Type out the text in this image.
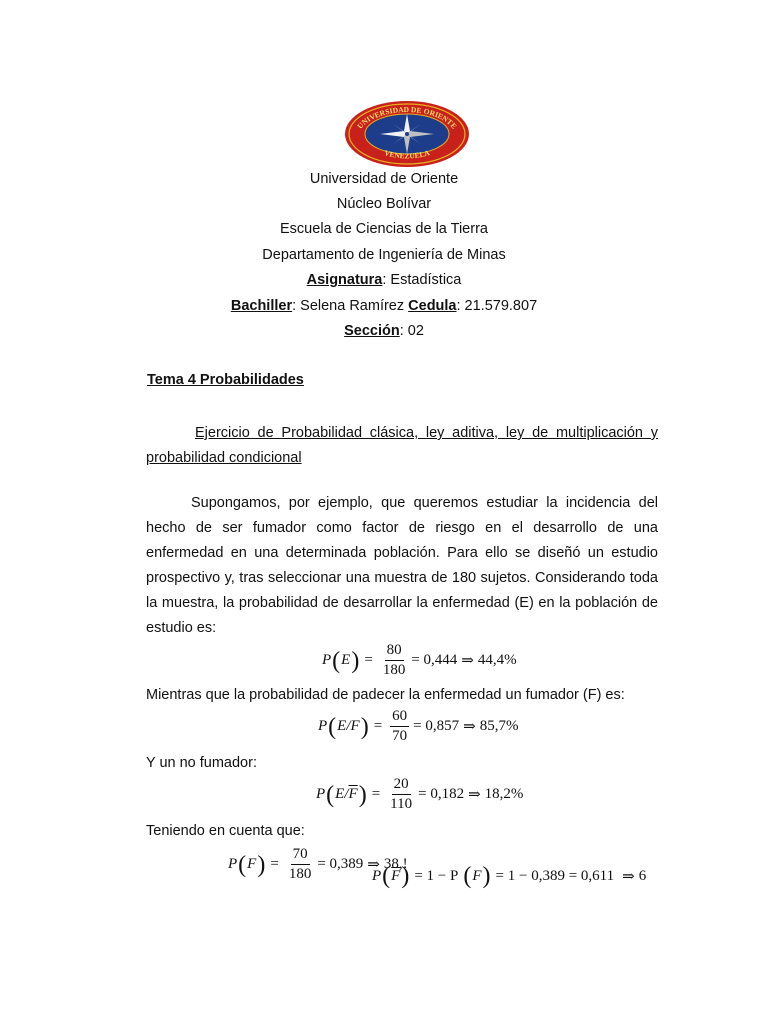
UNIVERSIDAD DE ORIENTE
VENEZUELA
Universidad de Oriente
Núcleo Bolívar
Escuela de Ciencias de la Tierra
Departamento de Ingeniería de Minas
Asignatura: Estadística
Bachiller: Selena Ramírez Cedula: 21.579.807
Sección: 02
Tema 4 Probabilidades
Ejercicio de Probabilidad clásica, ley aditiva, ley de multiplicación y probabilidad condicional
Supongamos, por ejemplo, que queremos estudiar la incidencia del hecho de ser fumador como factor de riesgo en el desarrollo de una enfermedad en una determinada población. Para ello se diseñó un estudio prospectivo y, tras seleccionar una muestra de 180 sujetos. Considerando toda la muestra, la probabilidad de desarrollar la enfermedad (E) en la población de estudio es:
P ( E ) = $\frac{80}{180} = 0,444$ ⇒ 44,4%
Mientras que la probabilidad de padecer la enfermedad un fumador (F) es:
P ( E / F ) = $\frac{60}{70} = 0,857$ ⇒ 85,7%
Y un no fumador:
P ( E / $\overline{F}$ ) = $\frac{20}{110} = 0,182$ ⇒ 18,2%
Teniendo en cuenta que:
P ( F ) = $\frac{70}{180} = 0,389$ ⇒ 38,!
P ( $\overline{F}$ ) = 1 − P ( F ) = 1 − 0,389 = 0,611 ⇒ 6
